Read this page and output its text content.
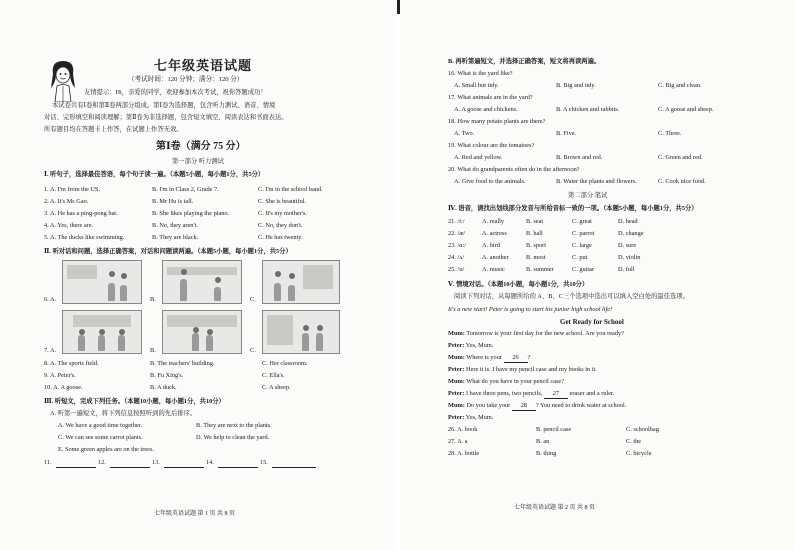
七年级英语试题
（考试时间：120 分钟；满分：120 分）
友情提示：Hi，亲爱的同学，欢迎参加本次考试，祝你答题成功！
本试卷共有Ⅰ卷和第Ⅱ卷两部分组成。第Ⅰ卷为选择题，包含听力测试、语音、情境
对话、完形填空和阅读理解；第Ⅱ卷为非选择题，包含短文填空、阅读表达和书面表达。
所有题目均在答题卡上作答，在试题上作答无效。
第Ⅰ卷（满分 75 分）
第一部分 听力测试
Ⅰ. 听句子，选择最佳答语，每个句子读一遍。（本题5小题，每小题1分，共5分）
1. A. I'm from the US.	B. I'm in Class 2, Grade 7.	C. I'm in the school band.
2. A. It's Ms Gao.	B. Mr Hu is tall.	C. She is beautiful.
3. A. He has a ping-pong bat.	B. She likes playing the piano.	C. It's my mother's.
4. A. Yes, there are.	B. No, they aren't.	C. No, they don't.
5. A. The ducks like swimming.	B. They are black.	C. He has twenty.
Ⅱ. 听对话和问题，选择正确答案，对话和问题读两遍。（本题5小题，每小题1分，共5分）
6. A.	B.	C.
7. A.	B.	C.
8. A. The sports field.	B. The teachers' building.	C. Her classroom.
9. A. Peter's.	B. Fu Xing's.	C. Ella's.
10. A. A goose.	B. A duck.	C. A sheep.
Ⅲ. 听短文，完成下列任务。（本题10小题，每小题1分，共10分）
A. 听第一遍短文，将下列信息按照听到的先后排序。
A. We have a good time together.	B. They are next to the plants.
C. We can see some carrot plants.	D. We help to clean the yard.
E. Some green apples are on the trees.
11.	12.	13.	14.	15.
七年级英语试题 第 1 页 共 8 页
B. 再听第遍短文，并选择正确答案，短文将再读两遍。
16. What is the yard like?
A. Small but tidy.	B. Big and tidy.	C. Big and clean.
17. What animals are in the yard?
A. A goose and chickens.	B. A chicken and rabbits.	C. A goose and sheep.
18. How many potato plants are there?
A. Two.	B. Five.	C. Three.
19. What colour are the tomatoes?
A. Red and yellow.	B. Brown and red.	C. Green and red.
20. What do grandparents often do in the afternoon?
A. Give food to the animals.	B. Water the plants and flowers.	C. Cook nice food.
第二部分 笔试
Ⅳ. 语音，请找出划线部分发音与所给音标一致的一项。（本题5小题，每小题1分，共5分）
21. /i:/	A. really	B. seat	C. great	D. head
22. /æ/	A. actress	B. hall	C. parrot	D. change
23. /ɑ:/	A. bird	B. sport	C. large	D. sure
24. /ʌ/	A. another	B. most	C. put	D. violin
25. /ɒ/	A. music	B. summer	C. guitar	D. full
Ⅴ. 情境对话。（本题10小题，每小题1分，共10分）
阅读下列对话，从每题所给的 A、B、C三个选项中选出可以填入空白处的最佳选项。
It's a new start! Peter is going to start his junior high school life!
Get Ready for School
Mum: Tomorrow is your first day for the new school. Are you ready?
Peter: Yes, Mum.
Mum: Where is your 26 ?
Peter: Here it is. I have my pencil case and my books in it.
Mum: What do you have in your pencil case?
Peter: I have three pens, two pencils, 27 eraser and a ruler.
Mum: Do you take your 28 ? You need to drink water at school.
Peter: Yes, Mum.
26. A. book	B. pencil case	C. schoolbag
27. A. a	B. an	C. the
28. A. bottle	B. thing	C. bicycle
七年级英语试题 第 2 页 共 8 页
